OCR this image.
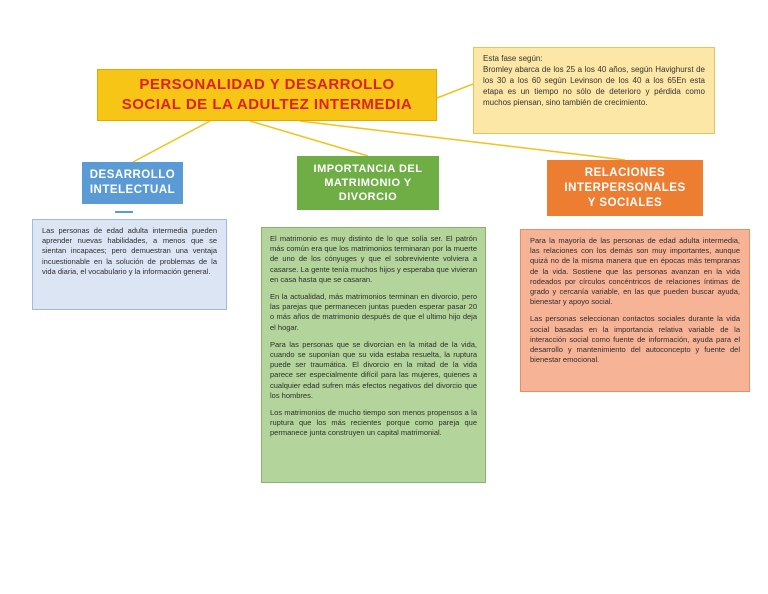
PERSONALIDAD Y DESARROLLO
SOCIAL DE LA ADULTEZ INTERMEDIA
Esta fase según:
Bromley abarca de los 25 a los 40 años, según Havighurst de los 30 a los 60 según Levinson de los 40 a los 65En esta etapa es un tiempo no sólo de deterioro y pérdida como muchos piensan, sino también de crecimiento.
DESARROLLO
INTELECTUAL
IMPORTANCIA DEL
MATRIMONIO Y
DIVORCIO
RELACIONES
INTERPERSONALES
Y SOCIALES

Las personas de edad adulta intermedia pueden aprender nuevas habilidades, a menos que se sientan incapaces; pero demuestran una ventaja incuestionable en la solución de problemas de la vida diaria, el vocabulario y la información general.

El matrimonio es muy distinto de lo que solía ser. El patrón más común era que los matrimonios terminaran por la muerte de uno de los cónyuges y que el sobreviviente volviera a casarse. La gente tenía muchos hijos y esperaba que vivieran en casa hasta que se casaran.

En la actualidad, más matrimonios terminan en divorcio, pero las parejas que permanecen juntas pueden esperar pasar 20 o más años de matrimonio después de que el ultimo hijo deja el hogar.

Para las personas que se divorcian en la mitad de la vida, cuando se suponían que su vida estaba resuelta, la ruptura puede ser traumática. El divorcio en la mitad de la vida parece ser especialmente difícil para las mujeres, quienes a cualquier edad sufren más efectos negativos del divorcio que los hombres.

Los matrimonios de mucho tiempo son menos propensos a la ruptura que los más recientes porque como pareja que permanece junta construyen un capital matrimonial.

Para la mayoría de las personas de edad adulta intermedia, las relaciones con los demás son muy importantes, aunque quizá no de la misma manera que en épocas más tempranas de la vida. Sostiene que las personas avanzan en la vida rodeados por círculos concéntricos de relaciones íntimas de grado y cercanía variable, en las que pueden buscar ayuda, bienestar y apoyo social.

Las personas seleccionan contactos sociales durante la vida social basadas en la importancia relativa variable de la interacción social como fuente de información, ayuda para el desarrollo y mantenimiento del autoconcepto y fuente del bienestar emocional.
